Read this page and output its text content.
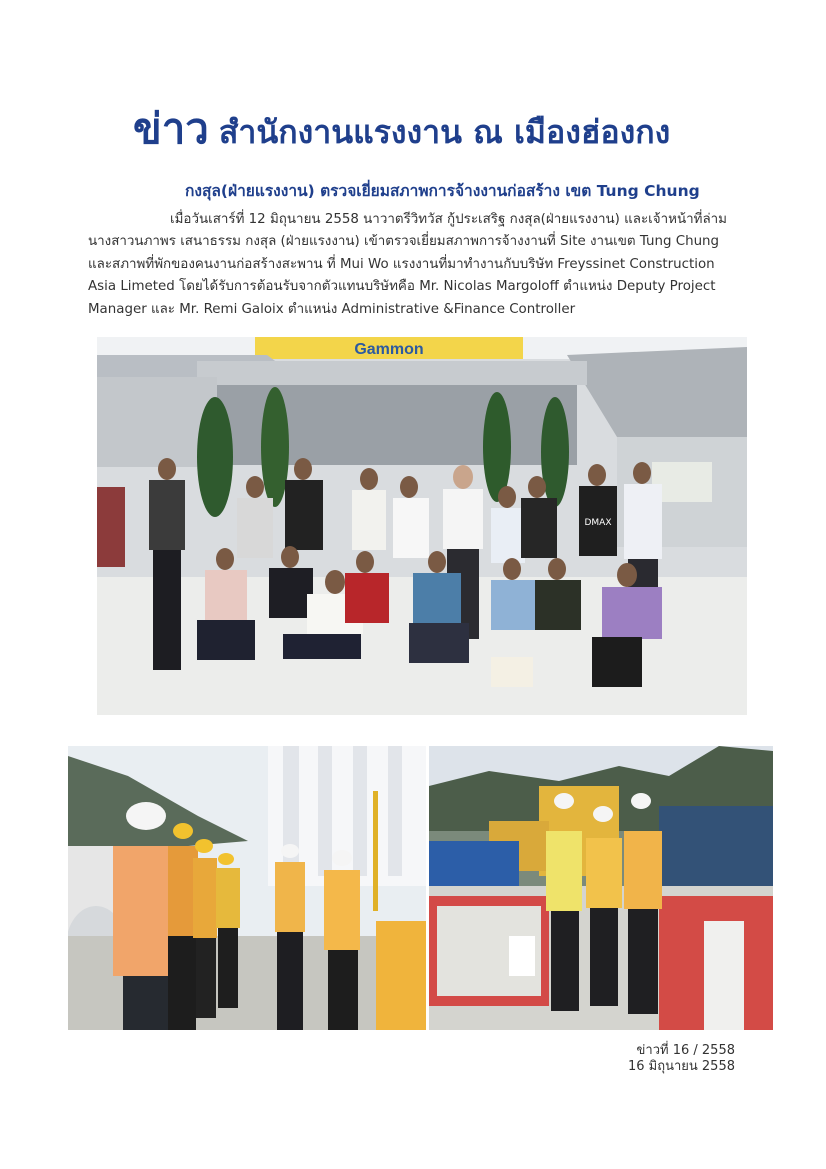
ข่าว สำนักงานแรงงาน ณ เมืองฮ่องกง
กงสุล(ฝ่ายแรงงาน) ตรวจเยี่ยมสภาพการจ้างงานก่อสร้าง เขต Tung Chung
เมื่อวันเสาร์ที่ 12 มิถุนายน 2558 นาวาตรีวิทวัส กู้ประเสริฐ กงสุล(ฝ่ายแรงงาน) และเจ้าหน้าที่ล่าม
นางสาวนภาพร เสนาธรรม กงสุล (ฝ่ายแรงงาน) เข้าตรวจเยี่ยมสภาพการจ้างงานที่ Site งานเขต Tung Chung
และสภาพที่พักของคนงานก่อสร้างสะพาน ที่ Mui Wo แรงงานที่มาทำงานกับบริษัท Freyssinet Construction
Asia Limeted โดยได้รับการต้อนรับจากตัวแทนบริษัทคือ Mr. Nicolas Margoloff ตำแหน่ง Deputy Project
Manager และ Mr. Remi Galoix ตำแหน่ง Administrative &Finance Controller
Gammon
DMAX
ข่าวที่ 16 / 2558
16 มิถุนายน 2558
